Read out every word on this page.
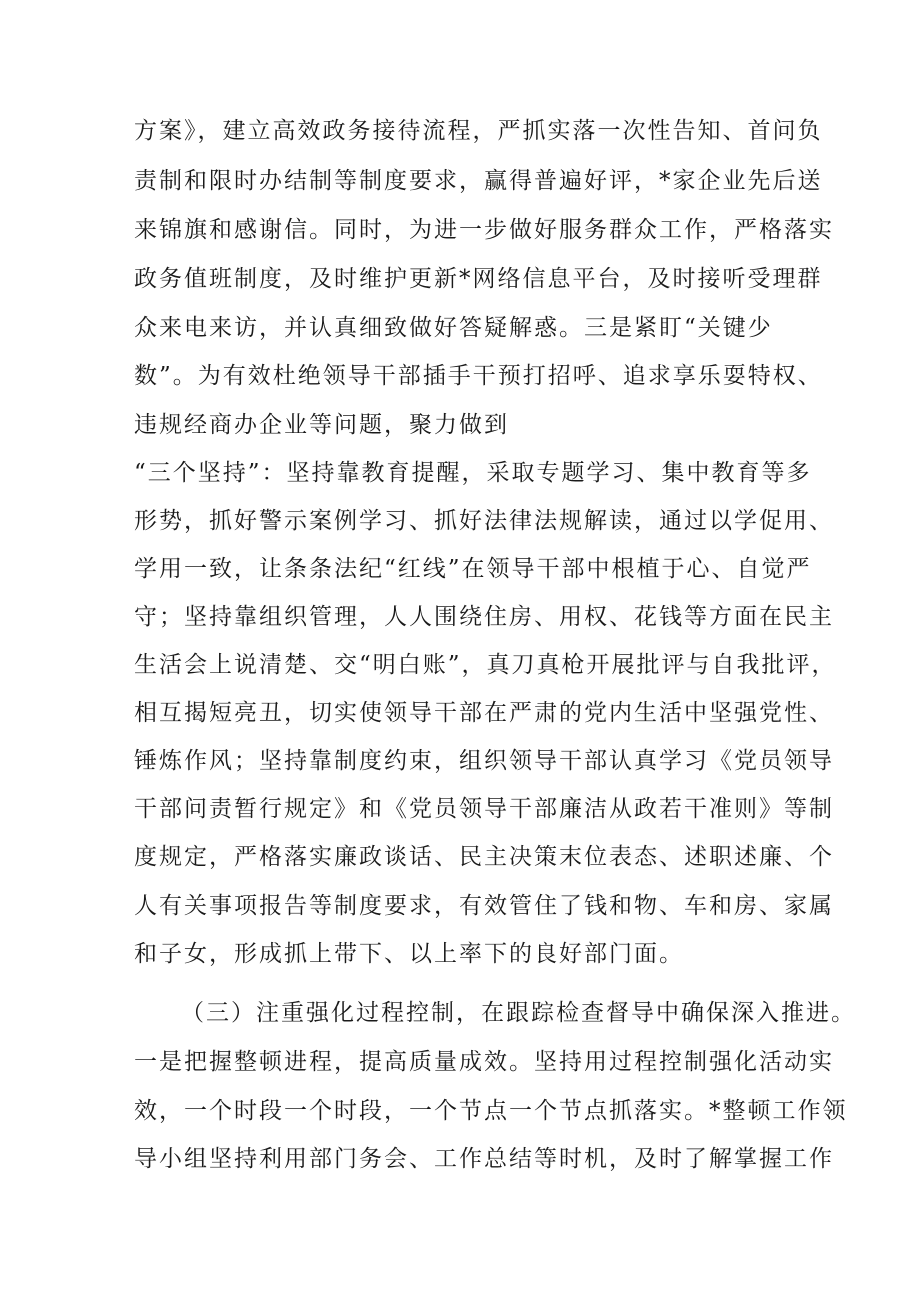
方案》，建立高效政务接待流程，严抓实落一次性告知、首问负
责制和限时办结制等制度要求，赢得普遍好评，*家企业先后送
来锦旗和感谢信。同时，为进一步做好服务群众工作，严格落实
政务值班制度，及时维护更新*网络信息平台，及时接听受理群
众来电来访，并认真细致做好答疑解惑。三是紧盯“关键少
数”。为有效杜绝领导干部插手干预打招呼、追求享乐耍特权、
违规经商办企业等问题，聚力做到
“三个坚持”：坚持靠教育提醒，采取专题学习、集中教育等多
形势，抓好警示案例学习、抓好法律法规解读，通过以学促用、
学用一致，让条条法纪“红线”在领导干部中根植于心、自觉严
守；坚持靠组织管理，人人围绕住房、用权、花钱等方面在民主
生活会上说清楚、交“明白账”，真刀真枪开展批评与自我批评，
相互揭短亮丑，切实使领导干部在严肃的党内生活中坚强党性、
锤炼作风；坚持靠制度约束，组织领导干部认真学习《党员领导
干部问责暂行规定》和《党员领导干部廉洁从政若干准则》等制
度规定，严格落实廉政谈话、民主决策末位表态、述职述廉、个
人有关事项报告等制度要求，有效管住了钱和物、车和房、家属
和子女，形成抓上带下、以上率下的良好部门面。
（三）注重强化过程控制，在跟踪检查督导中确保深入推进。
一是把握整顿进程，提高质量成效。坚持用过程控制强化活动实
效，一个时段一个时段，一个节点一个节点抓落实。*整顿工作领
导小组坚持利用部门务会、工作总结等时机，及时了解掌握工作
